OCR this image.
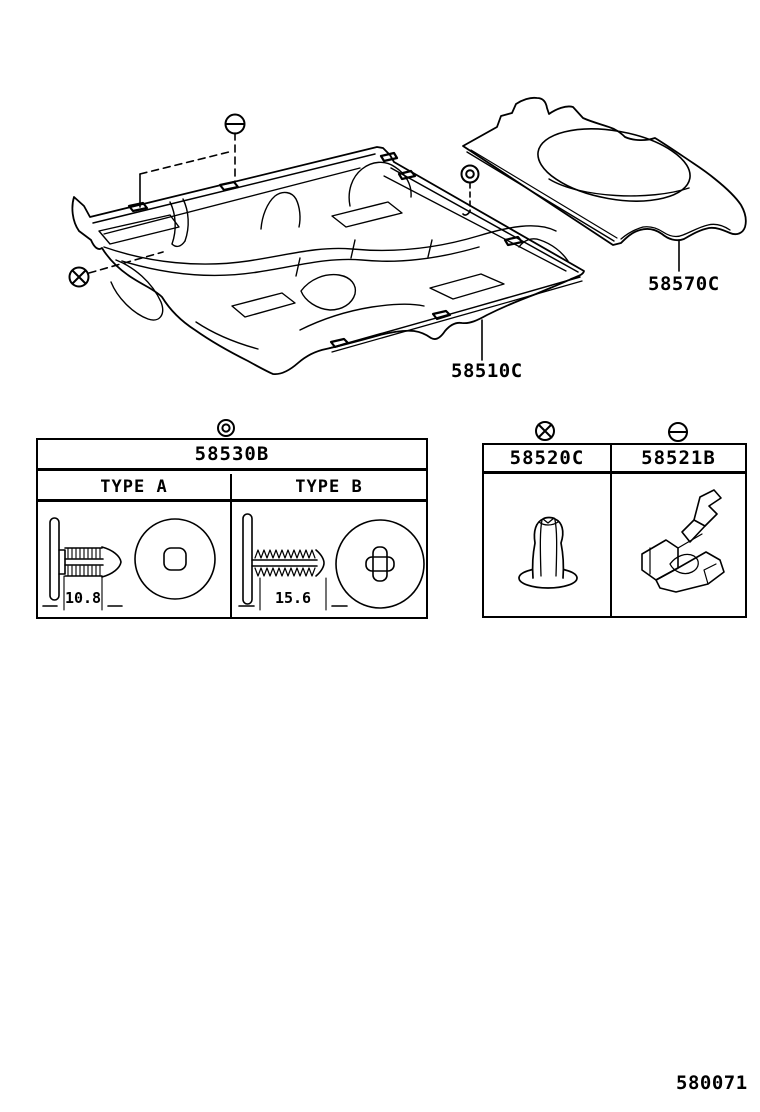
58510C
58570C
58530B
TYPE A	TYPE B
10.8	15.6
58520C	58521B
580071
